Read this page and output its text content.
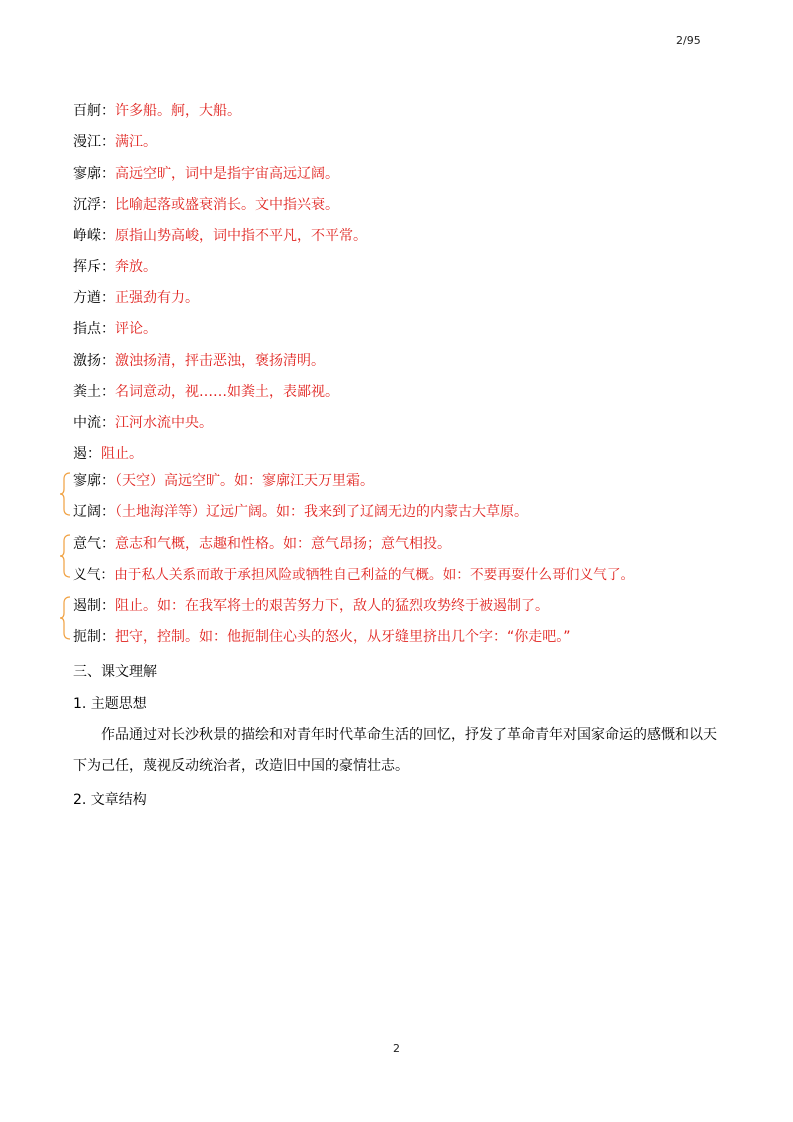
2/95
百舸：许多船。舸，大船。
漫江：满江。
寥廓：高远空旷，词中是指宇宙高远辽阔。
沉浮：比喻起落或盛衰消长。文中指兴衰。
峥嵘：原指山势高峻，词中指不平凡，不平常。
挥斥：奔放。
方遒：正强劲有力。
指点：评论。
激扬：激浊扬清，抨击恶浊，褒扬清明。
粪土：名词意动，视……如粪土，表鄙视。
中流：江河水流中央。
遏：阻止。
寥廓：（天空）高远空旷。如：寥廓江天万里霜。
辽阔：（土地海洋等）辽远广阔。如：我来到了辽阔无边的内蒙古大草原。
意气：意志和气概，志趣和性格。如：意气昂扬；意气相投。
义气：由于私人关系而敢于承担风险或牺牲自己利益的气概。如：不要再耍什么哥们义气了。
遏制：阻止。如：在我军将士的艰苦努力下，敌人的猛烈攻势终于被遏制了。
扼制：把守，控制。如：他扼制住心头的怒火，从牙缝里挤出几个字：“你走吧。”
三、课文理解
1. 主题思想
作品通过对长沙秋景的描绘和对青年时代革命生活的回忆，抒发了革命青年对国家命运的感慨和以天下为己任，蔑视反动统治者，改造旧中国的豪情壮志。
2. 文章结构
2
